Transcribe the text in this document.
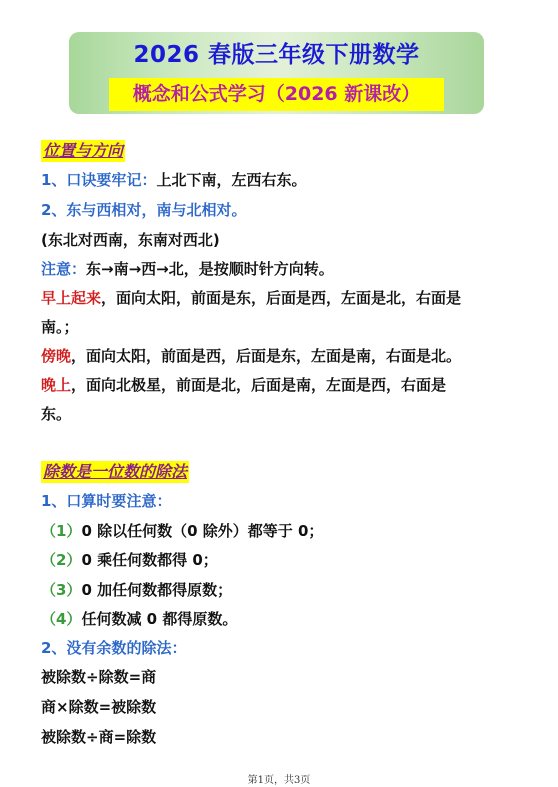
2026 春版三年级下册数学
概念和公式学习（2026 新课改）
位置与方向
1、口诀要牢记：上北下南，左西右东。
2、东与西相对，南与北相对。
(东北对西南，东南对西北)
注意：东→南→西→北，是按顺时针方向转。
早上起来，面向太阳，前面是东，后面是西，左面是北，右面是
南。；
傍晚，面向太阳，前面是西，后面是东，左面是南，右面是北。
晚上，面向北极星，前面是北，后面是南，左面是西，右面是
东。
除数是一位数的除法
1、口算时要注意：
（1）0 除以任何数（0 除外）都等于 0；
（2）0 乘任何数都得 0；
（3）0 加任何数都得原数；
（4）任何数减 0 都得原数。
2、没有余数的除法：
被除数÷除数=商
商×除数=被除数
被除数÷商=除数
第1页，共3页
